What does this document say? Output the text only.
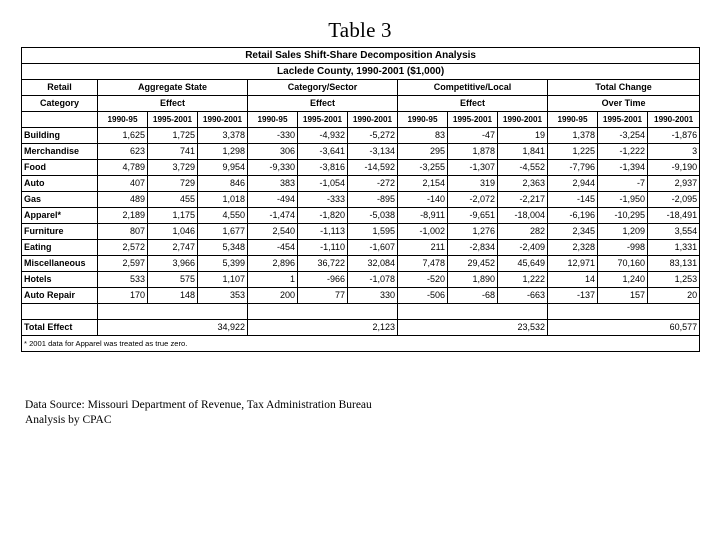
Table 3
Retail Sales Shift-Share Decomposition Analysis												
Laclede County, 1990-2001 ($1,000)												
Retail	Aggregate State			Category/Sector			Competitive/Local			Total Change		
Category	Effect			Effect			Effect			Over Time		
	1990-95	1995-2001	1990-2001	1990-95	1995-2001	1990-2001	1990-95	1995-2001	1990-2001	1990-95	1995-2001	1990-2001
Building	1,625	1,725	3,378	-330	-4,932	-5,272	83	-47	19	1,378	-3,254	-1,876
Merchandise	623	741	1,298	306	-3,641	-3,134	295	1,878	1,841	1,225	-1,222	3
Food	4,789	3,729	9,954	-9,330	-3,816	-14,592	-3,255	-1,307	-4,552	-7,796	-1,394	-9,190
Auto	407	729	846	383	-1,054	-272	2,154	319	2,363	2,944	-7	2,937
Gas	489	455	1,018	-494	-333	-895	-140	-2,072	-2,217	-145	-1,950	-2,095
Apparel*	2,189	1,175	4,550	-1,474	-1,820	-5,038	-8,911	-9,651	-18,004	-6,196	-10,295	-18,491
Furniture	807	1,046	1,677	2,540	-1,113	1,595	-1,002	1,276	282	2,345	1,209	3,554
Eating	2,572	2,747	5,348	-454	-1,110	-1,607	211	-2,834	-2,409	2,328	-998	1,331
Miscellaneous	2,597	3,966	5,399	2,896	36,722	32,084	7,478	29,452	45,649	12,971	70,160	83,131
Hotels	533	575	1,107	1	-966	-1,078	-520	1,890	1,222	14	1,240	1,253
Auto Repair	170	148	353	200	77	330	-506	-68	-663	-137	157	20

Total Effect	34,922			2,123			23,532			60,577		
* 2001 data for Apparel was treated as true zero.												
Data Source: Missouri Department of Revenue, Tax Administration Bureau
Analysis by CPAC
